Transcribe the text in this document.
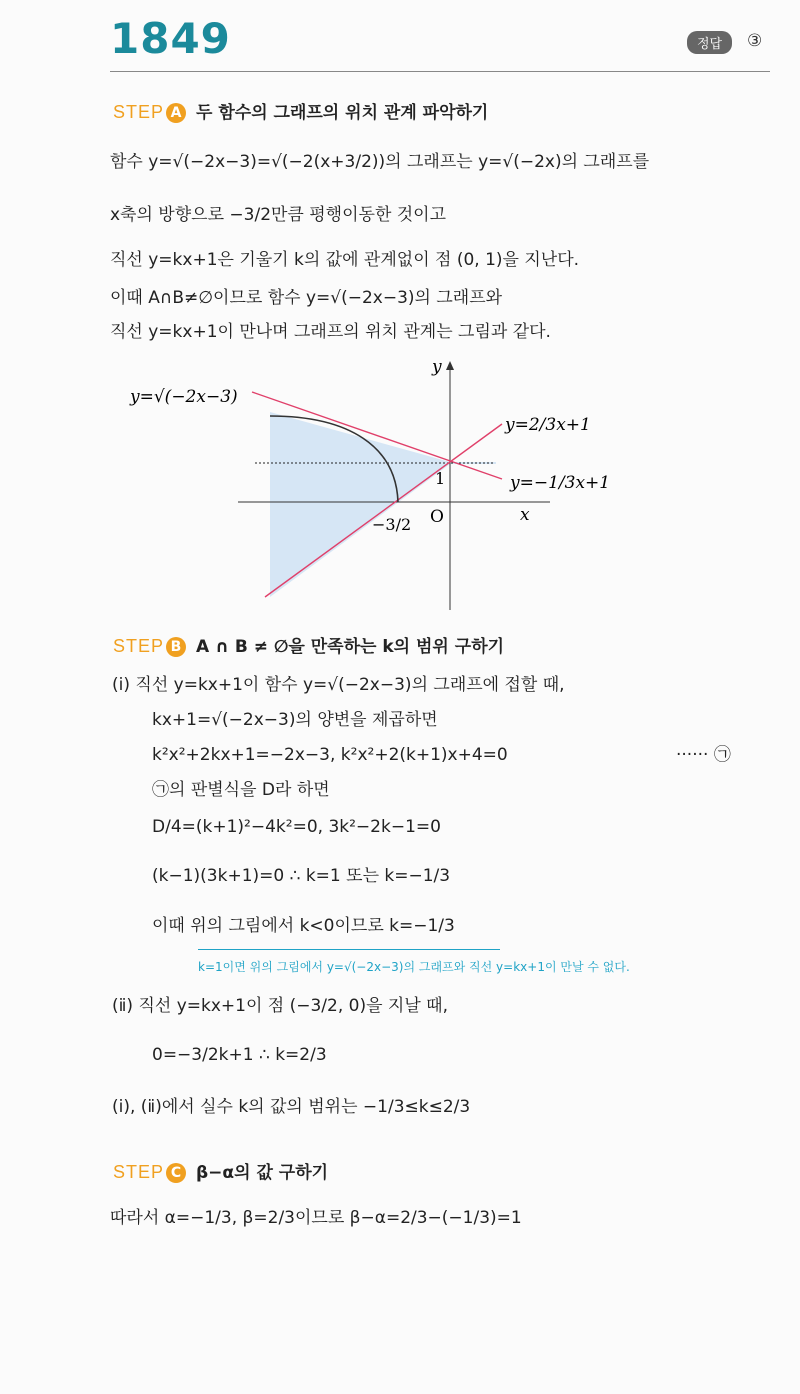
1849	정답	③
STEP A 두 함수의 그래프의 위치 관계 파악하기
함수 y=√(−2x−3)=√(−2(x+3/2))의 그래프는 y=√(−2x)의 그래프를
x축의 방향으로 −3/2만큼 평행이동한 것이고
직선 y=kx+1은 기울기 k의 값에 관계없이 점 (0, 1)을 지난다.
이때 A∩B≠∅이므로 함수 y=√(−2x−3)의 그래프와
직선 y=kx+1이 만나며 그래프의 위치 관계는 그림과 같다.
y=√(−2x−3)
y=2/3x+1
y=−1/3x+1
y
x
O
1
−3/2
STEP B A ∩ B ≠ ∅을 만족하는 k의 범위 구하기
(ⅰ) 직선 y=kx+1이 함수 y=√(−2x−3)의 그래프에 접할 때,
kx+1=√(−2x−3)의 양변을 제곱하면
k²x²+2kx+1=−2x−3, k²x²+2(k+1)x+4=0	······ ㉠
㉠의 판별식을 D라 하면
D/4=(k+1)²−4k²=0, 3k²−2k−1=0
(k−1)(3k+1)=0 ∴ k=1 또는 k=−1/3
이때 위의 그림에서 k<0이므로 k=−1/3
k=1이면 위의 그림에서 y=√(−2x−3)의 그래프와 직선 y=kx+1이 만날 수 없다.
(ⅱ) 직선 y=kx+1이 점 (−3/2, 0)을 지날 때,
0=−3/2k+1 ∴ k=2/3
(ⅰ), (ⅱ)에서 실수 k의 값의 범위는 −1/3≤k≤2/3
STEP C β−α의 값 구하기
따라서 α=−1/3, β=2/3이므로 β−α=2/3−(−1/3)=1
